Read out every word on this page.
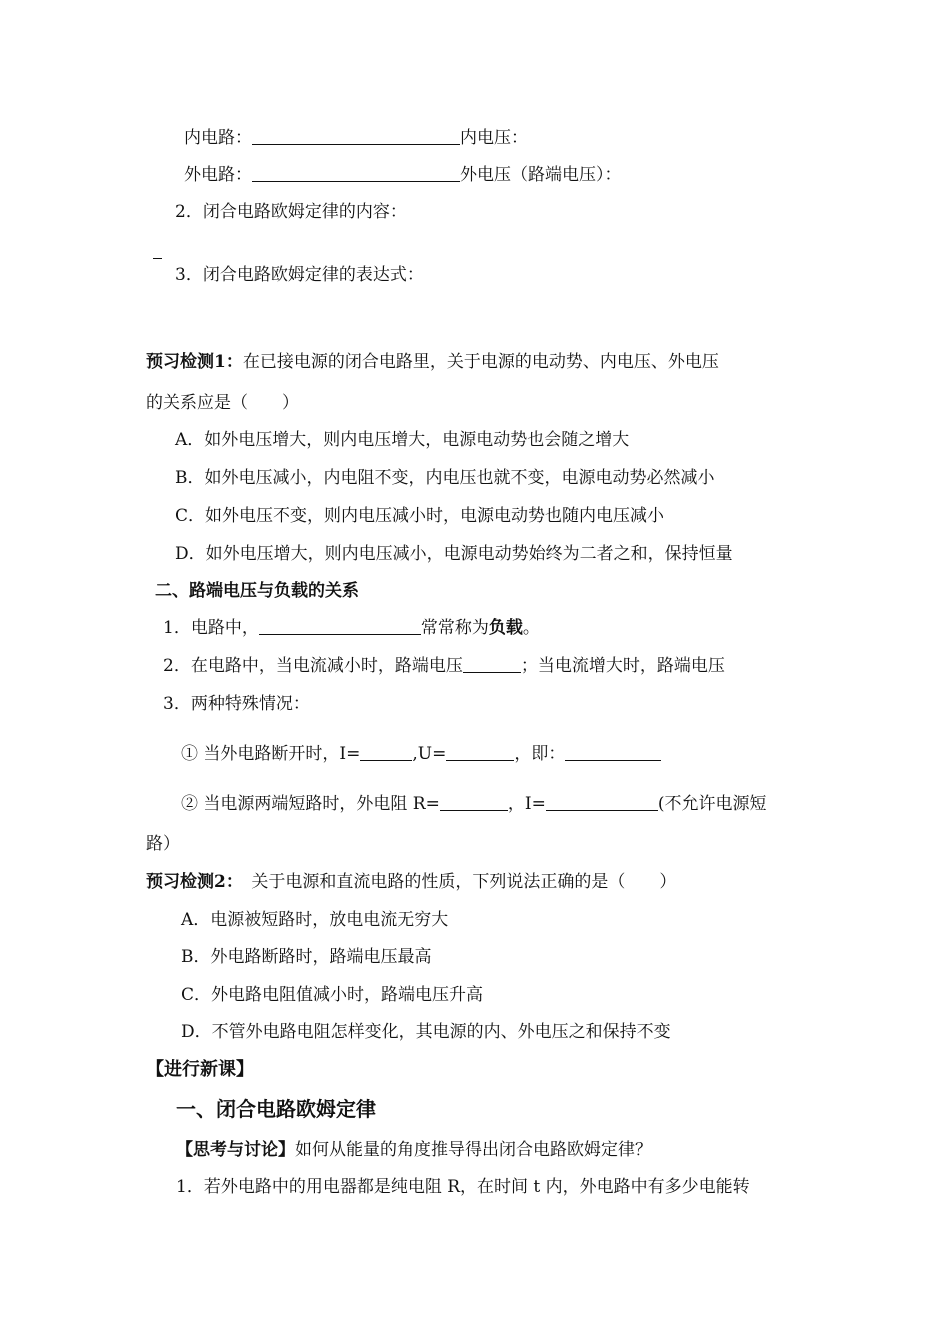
内电路：	内电压：
外电路：	外电压（路端电压）：
2．闭合电路欧姆定律的内容：
3．闭合电路欧姆定律的表达式：
预习检测1：在已接电源的闭合电路里，关于电源的电动势、内电压、外电压
的关系应是（　　）
A．如外电压增大，则内电压增大，电源电动势也会随之增大
B．如外电压减小，内电阻不变，内电压也就不变，电源电动势必然减小
C．如外电压不变，则内电压减小时，电源电动势也随内电压减小
D．如外电压增大，则内电压减小，电源电动势始终为二者之和，保持恒量
二、路端电压与负载的关系
1．电路中，	常常称为负载。
2．在电路中，当电流减小时，路端电压	；当电流增大时，路端电压
3．两种特殊情况：
① 当外电路断开时，I=	,U=	，即：
② 当电源两端短路时，外电阻 R=	，I=	(不允许电源短
路）
预习检测2：　关于电源和直流电路的性质，下列说法正确的是（　　）
A．电源被短路时，放电电流无穷大
B．外电路断路时，路端电压最高
C．外电路电阻值减小时，路端电压升高
D．不管外电路电阻怎样变化，其电源的内、外电压之和保持不变
【进行新课】
一、闭合电路欧姆定律
【思考与讨论】如何从能量的角度推导得出闭合电路欧姆定律？
1．若外电路中的用电器都是纯电阻 R，在时间 t 内，外电路中有多少电能转
